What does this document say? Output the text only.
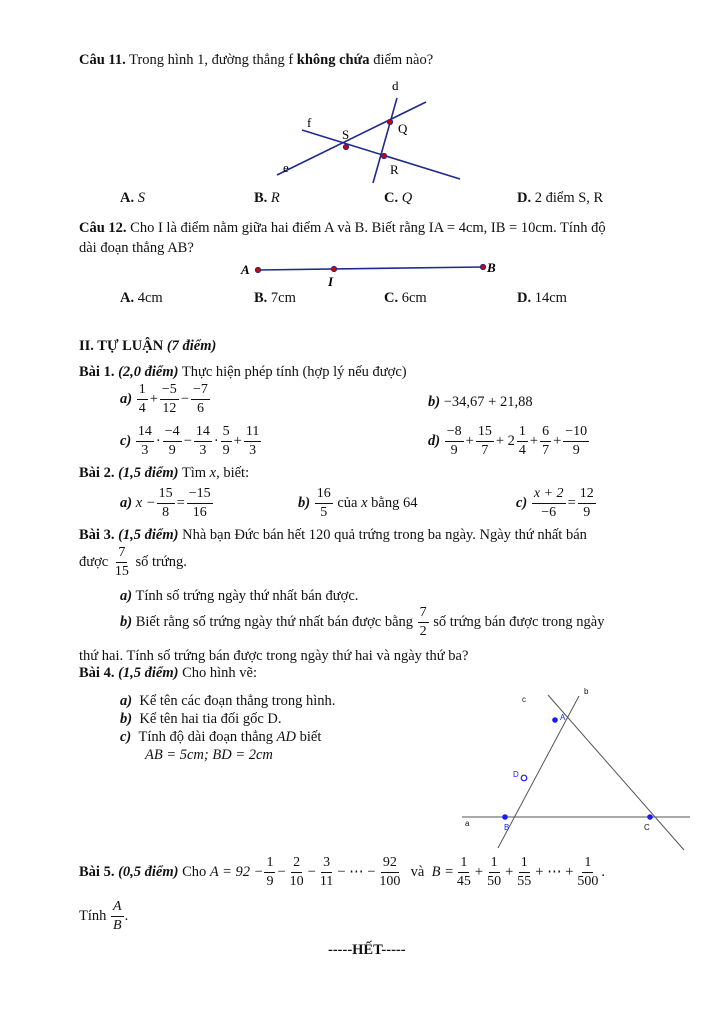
Câu 11. Trong hình 1, đường thẳng f không chứa điểm nào?
d
f
e
S	Q
R
A. S	B. R	C. Q	D. 2 điểm S, R
Câu 12. Cho I là điểm nằm giữa hai điểm A và B. Biết rằng IA = 4cm, IB = 10cm. Tính độ
dài đoạn thẳng AB?
A
I
B
A. 4cm	B. 7cm	C. 6cm	D. 14cm
II. TỰ LUẬN (7 điểm)
Bài 1. (2,0 điểm) Thực hiện phép tính (hợp lý nếu được)
$a) \frac{1}{4} + \frac{-5}{12} - \frac{-7}{6}$	b) −34,67 + 21,88
$c) \frac{14}{3} \cdot \frac{-4}{9} - \frac{14}{3} \cdot \frac{5}{9} + \frac{11}{3}$	$d) \frac{-8}{9} + \frac{15}{7} + 2 \frac{1}{4} + \frac{6}{7} + \frac{-10}{9}$
Bài 2. (1,5 điểm) Tìm x, biết:
a) $x - \frac{15}{8} = \frac{-15}{16}$	$b) \frac{16}{5}$ của x bằng 64	$c) \frac{x + 2}{-6} = \frac{12}{9}$
Bài 3. (1,5 điểm) Nhà bạn Đức bán hết 120 quả trứng trong ba ngày. Ngày thứ nhất bán
được $\frac{7}{15}$ số trứng.
a) Tính số trứng ngày thứ nhất bán được.
b) Biết rằng số trứng ngày thứ nhất bán được bằng $\frac{7}{2}$ số trứng bán được trong ngày
thứ hai. Tính số trứng bán được trong ngày thứ hai và ngày thứ ba?
Bài 4. (1,5 điểm) Cho hình vẽ:
a) Kể tên các đoạn thẳng trong hình.
b) Kể tên hai tia đối gốc D.
c) Tính độ dài đoạn thẳng AD biết
AB = 5cm; BD = 2cm
c
b
A
D
a	B	C
Bài 5. (0,5 điểm) Cho $A = 92 - \frac{1}{9} - \frac{2}{10} - \frac{3}{11}$ − ⋯ − $\frac{92}{100}$ và $B = \frac{1}{45} + \frac{1}{50} + \frac{1}{55}$ + ⋯ + $\frac{1}{500}$ .
Tính $\frac{A}{B}$ .
-----HẾT-----
